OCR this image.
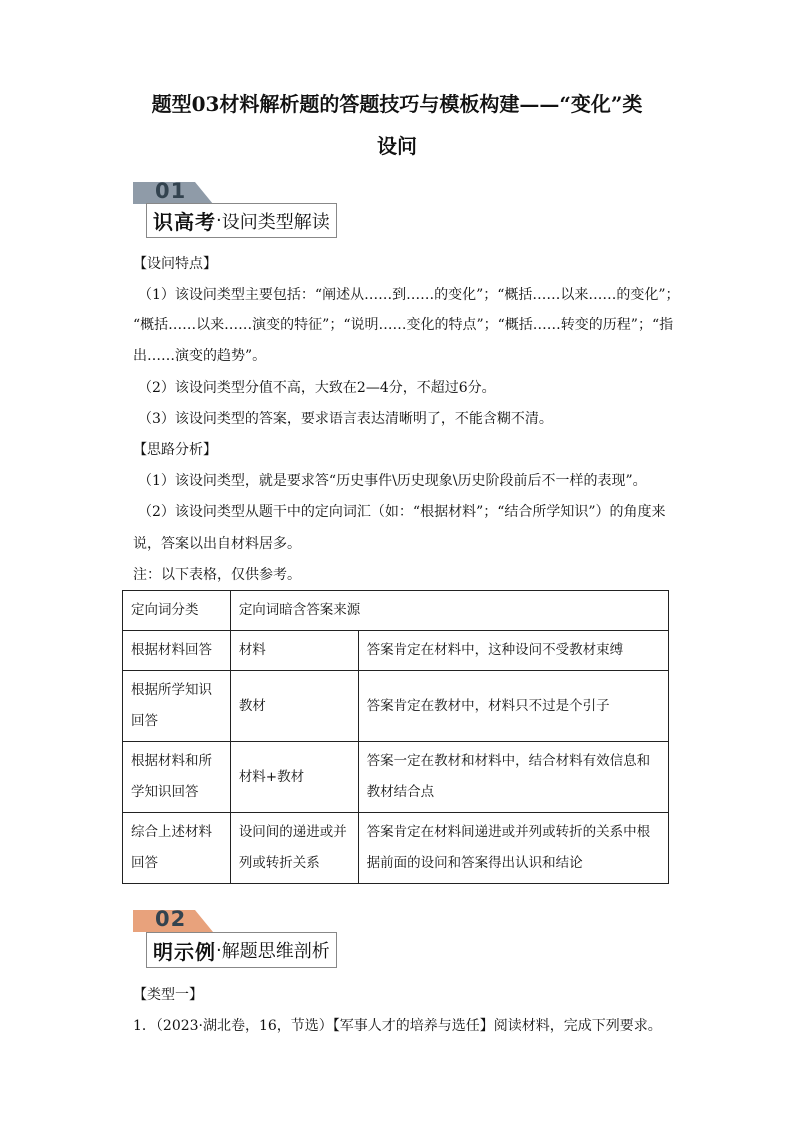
题型03材料解析题的答题技巧与模板构建——“变化”类
设问
01
识高考 · 设问类型解读
【设问特点】
（1）该设问类型主要包括：“阐述从……到……的变化”；“概括……以来……的变化”；
“概括……以来……演变的特征”；“说明……变化的特点”；“概括……转变的历程”；“指
出……演变的趋势”。
（2）该设问类型分值不高，大致在2—4分，不超过6分。
（3）该设问类型的答案，要求语言表达清晰明了，不能含糊不清。
【思路分析】
（1）该设问类型，就是要求答“历史事件\历史现象\历史阶段前后不一样的表现”。
（2）该设问类型从题干中的定向词汇（如：“根据材料”；“结合所学知识”）的角度来
说，答案以出自材料居多。
注：以下表格，仅供参考。
定向词分类	定向词暗含答案来源	
根据材料回答	材料	答案肯定在材料中，这种设问不受教材束缚
根据所学知识回答	教材	答案肯定在教材中，材料只不过是个引子
根据材料和所学知识回答	材料+教材	答案一定在教材和材料中，结合材料有效信息和教材结合点
综合上述材料回答	设问间的递进或并列或转折关系	答案肯定在材料间递进或并列或转折的关系中根据前面的设问和答案得出认识和结论
02
明示例 · 解题思维剖析
【类型一】
1．（2023·湖北卷，16，节选）【军事人才的培养与选任】阅读材料，完成下列要求。
